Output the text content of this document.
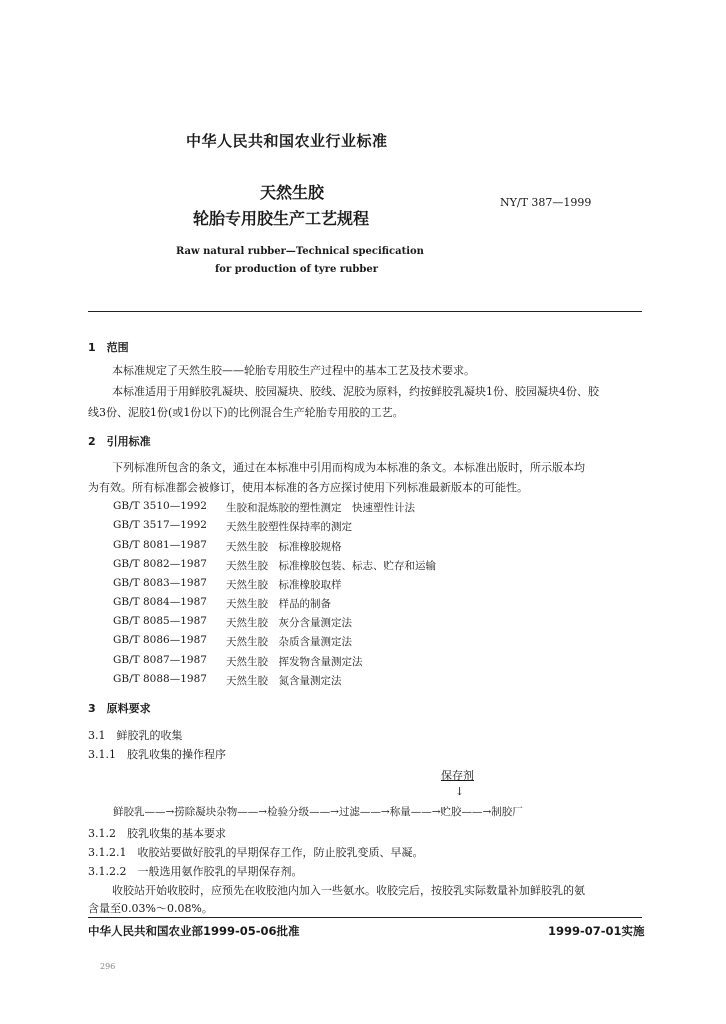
中华人民共和国农业行业标准
天然生胶
轮胎专用胶生产工艺规程
NY/T 387—1999
Raw natural rubber—Technical specification
for production of tyre rubber
1　范围
本标准规定了天然生胶——轮胎专用胶生产过程中的基本工艺及技术要求。
本标准适用于用鲜胶乳凝块、胶园凝块、胶线、泥胶为原料，约按鲜胶乳凝块1份、胶园凝块4份、胶
线3份、泥胶1份(或1份以下)的比例混合生产轮胎专用胶的工艺。
2　引用标准
下列标准所包含的条文，通过在本标准中引用而构成为本标准的条文。本标准出版时，所示版本均
为有效。所有标准都会被修订，使用本标准的各方应探讨使用下列标准最新版本的可能性。
GB/T 3510—1992 生胶和混炼胶的塑性测定　快速塑性计法
GB/T 3517—1992 天然生胶塑性保持率的测定
GB/T 8081—1987 天然生胶　标准橡胶规格
GB/T 8082—1987 天然生胶　标准橡胶包装、标志、贮存和运输
GB/T 8083—1987 天然生胶　标准橡胶取样
GB/T 8084—1987 天然生胶　样品的制备
GB/T 8085—1987 天然生胶　灰分含量测定法
GB/T 8086—1987 天然生胶　杂质含量测定法
GB/T 8087—1987 天然生胶　挥发物含量测定法
GB/T 8088—1987 天然生胶　氮含量测定法
3　原料要求
3.1　鲜胶乳的收集
3.1.1　胶乳收集的操作程序
保存剂
↓
鲜胶乳——→捞除凝块杂物——→检验分级——→过滤——→称量——→贮胶——→制胶厂
3.1.2　胶乳收集的基本要求
3.1.2.1　收胶站要做好胶乳的早期保存工作，防止胶乳变质、早凝。
3.1.2.2　一般选用氨作胶乳的早期保存剂。
收胶站开始收胶时，应预先在收胶池内加入一些氨水。收胶完后，按胶乳实际数量补加鲜胶乳的氨
含量至0.03%～0.08%。
中华人民共和国农业部1999-05-06批准	1999-07-01实施
296
